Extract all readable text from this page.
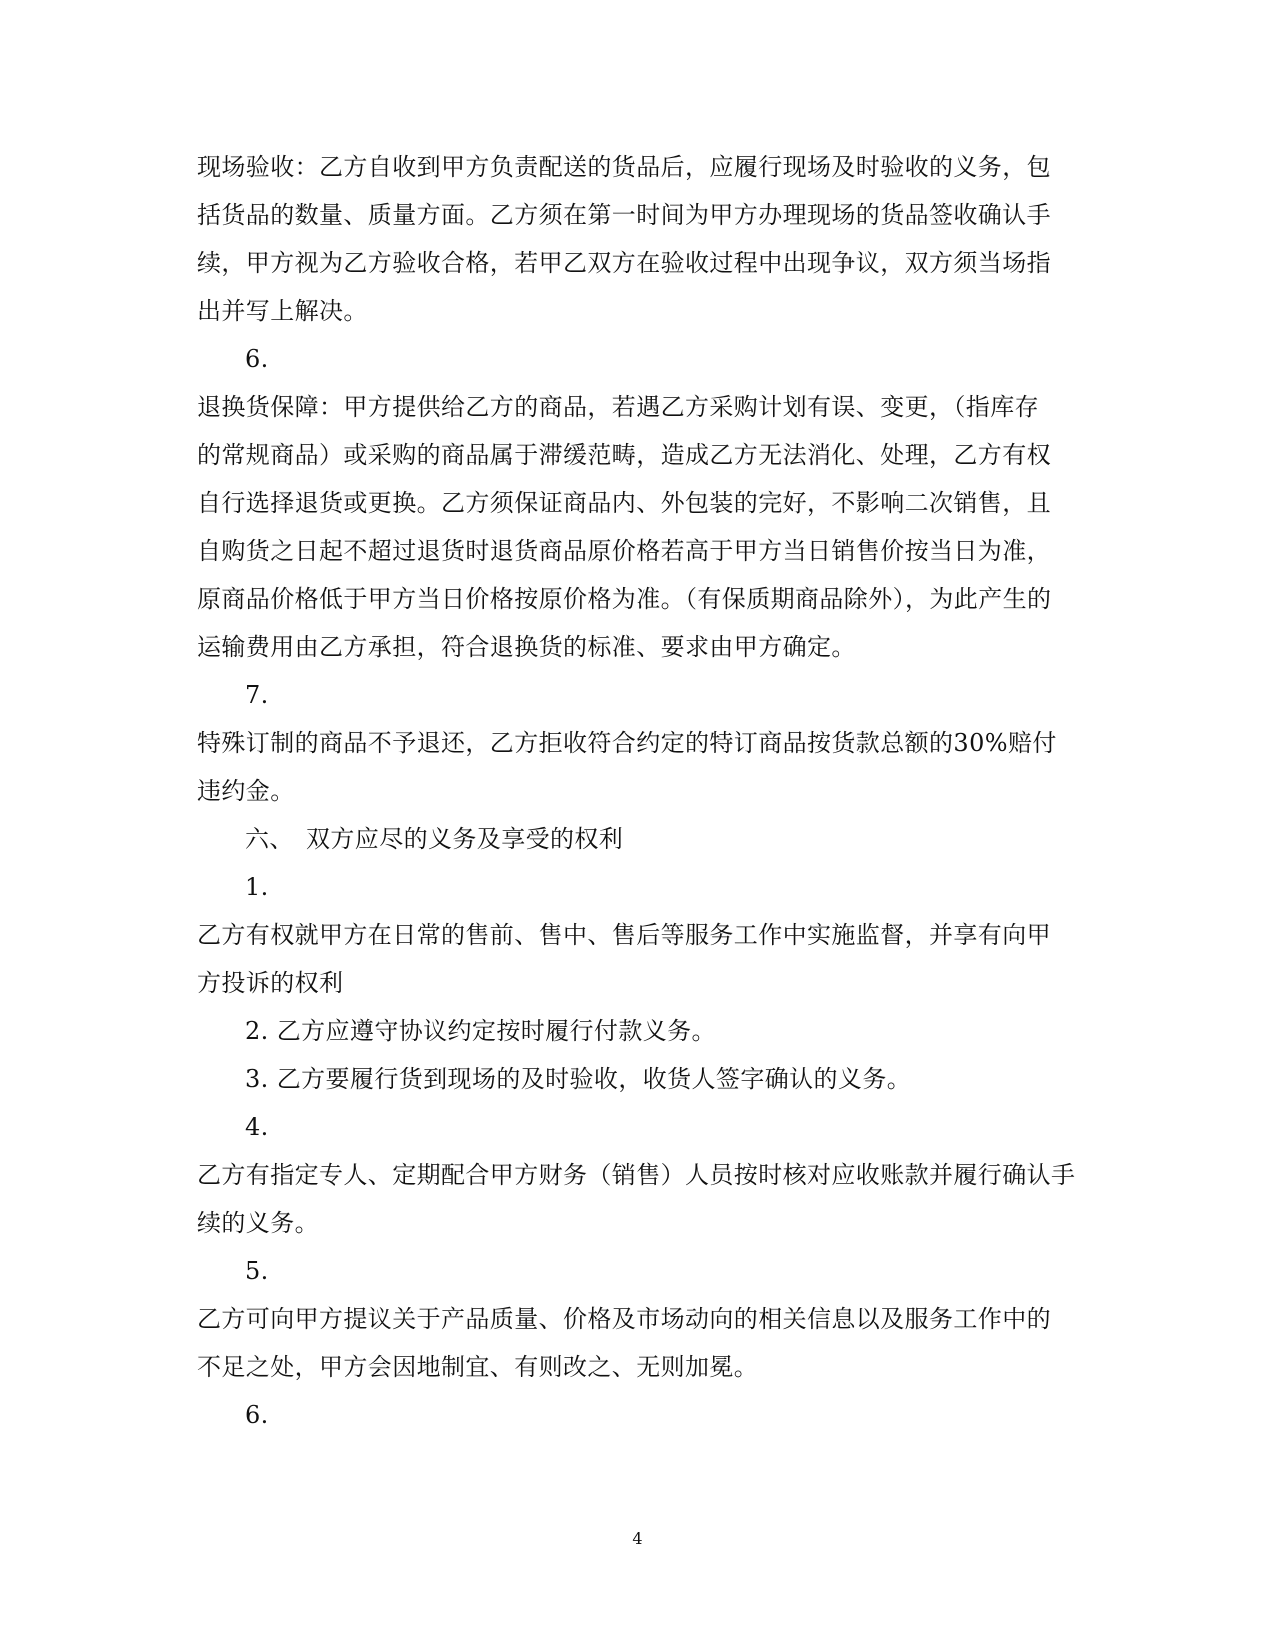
现场验收：乙方自收到甲方负责配送的货品后，应履行现场及时验收的义务，包
括货品的数量、质量方面。乙方须在第一时间为甲方办理现场的货品签收确认手
续，甲方视为乙方验收合格，若甲乙双方在验收过程中出现争议，双方须当场指
出并写上解决。
6.
退换货保障：甲方提供给乙方的商品，若遇乙方采购计划有误、变更，（指库存
的常规商品）或采购的商品属于滞缓范畴，造成乙方无法消化、处理，乙方有权
自行选择退货或更换。乙方须保证商品内、外包装的完好，不影响二次销售，且
自购货之日起不超过退货时退货商品原价格若高于甲方当日销售价按当日为准，
原商品价格低于甲方当日价格按原价格为准。（有保质期商品除外），为此产生的
运输费用由乙方承担，符合退换货的标准、要求由甲方确定。
7.
特殊订制的商品不予退还，乙方拒收符合约定的特订商品按货款总额的30%赔付
违约金。
六、 双方应尽的义务及享受的权利
1.
乙方有权就甲方在日常的售前、售中、售后等服务工作中实施监督，并享有向甲
方投诉的权利
2. 乙方应遵守协议约定按时履行付款义务。
3. 乙方要履行货到现场的及时验收，收货人签字确认的义务。
4.
乙方有指定专人、定期配合甲方财务（销售）人员按时核对应收账款并履行确认手
续的义务。
5.
乙方可向甲方提议关于产品质量、价格及市场动向的相关信息以及服务工作中的
不足之处，甲方会因地制宜、有则改之、无则加冕。
6.
4
